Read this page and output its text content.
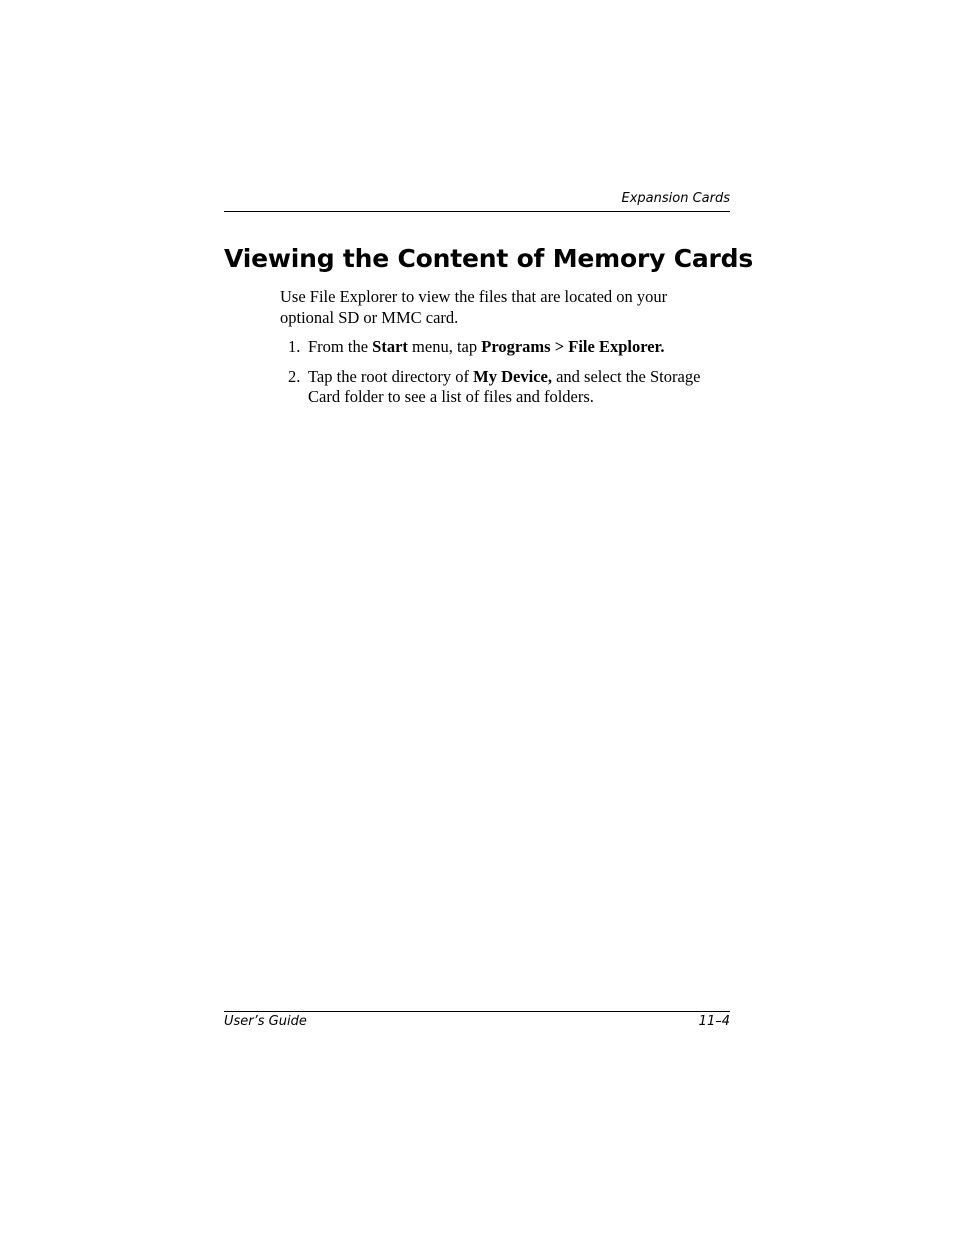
Expansion Cards
Viewing the Content of Memory Cards

Use File Explorer to view the files that are located on your optional SD or MMC card.

1. From the Start menu, tap Programs > File Explorer.
2. Tap the root directory of My Device, and select the Storage Card folder to see a list of files and folders.
User’s Guide	11–4
